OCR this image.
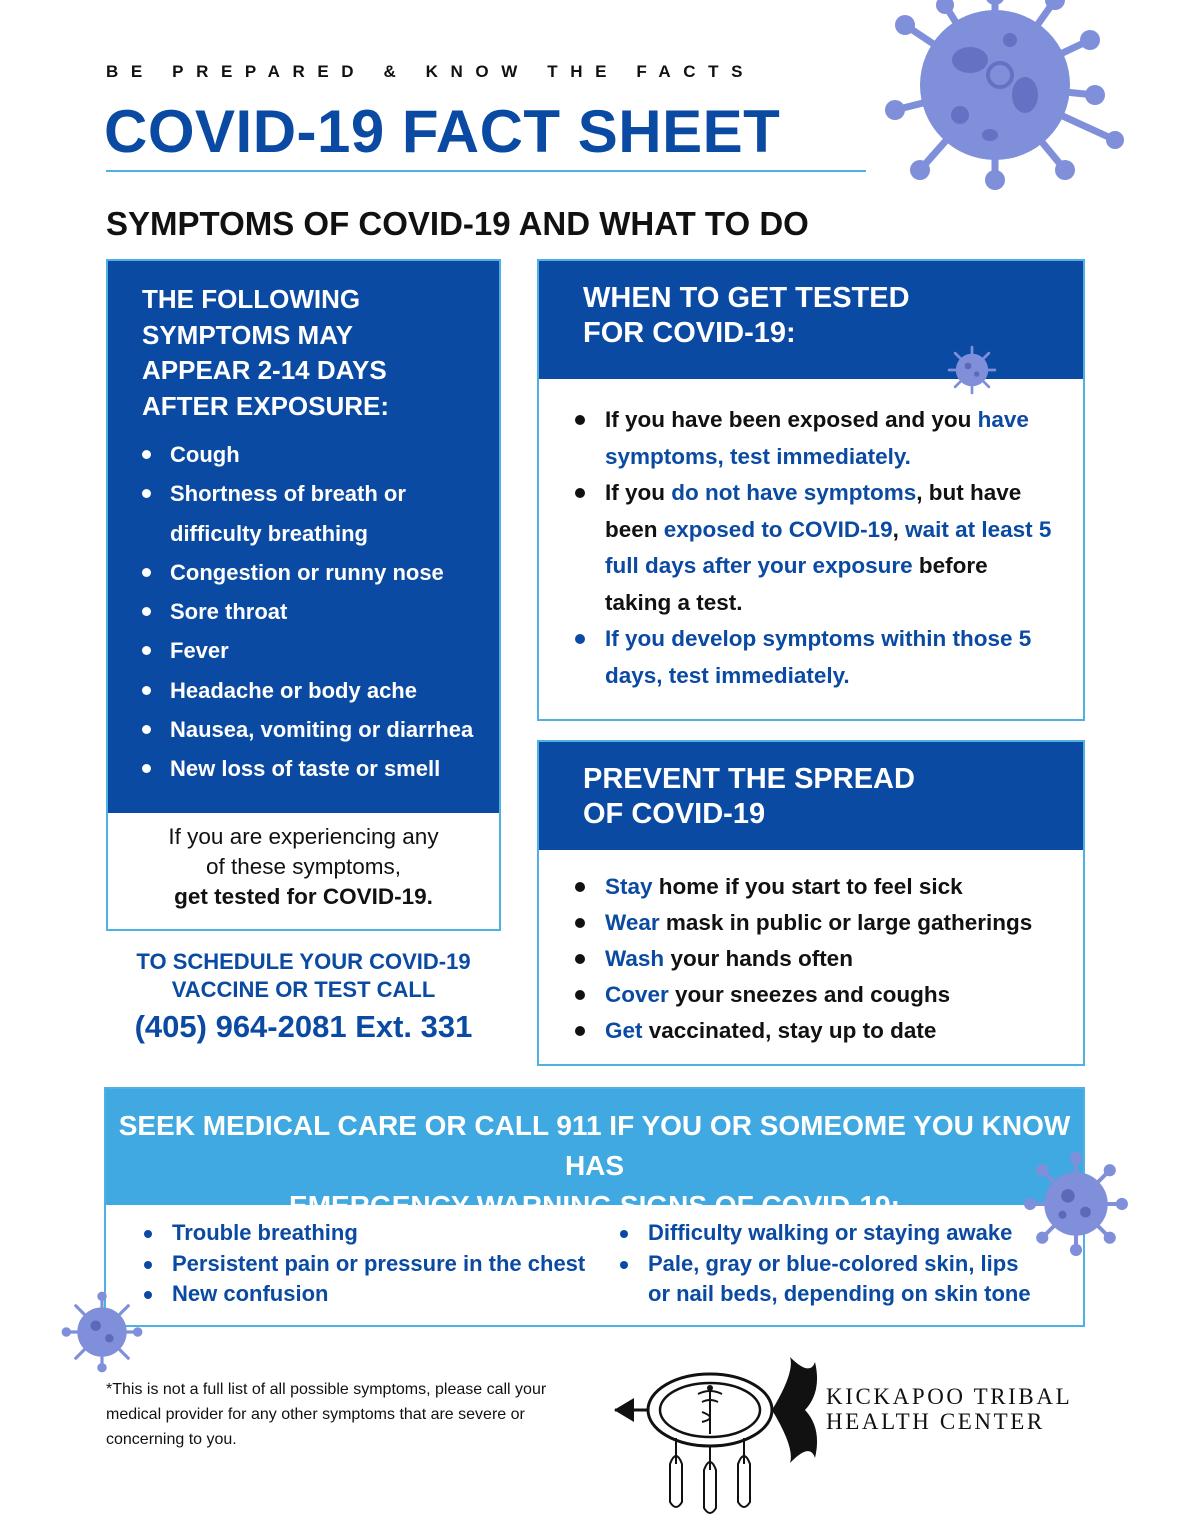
THE FOLLOWING SYMPTOMS MAY APPEAR 2-14 DAYS AFTER EXPOSURE:
Cough
Shortness of breath or
difficulty breathing
Congestion or runny nose
Sore throat
Fever
Headache or body ache
Nausea, vomiting or diarrhea
New loss of taste or smell
If you are experiencing any
of these symptoms,
get tested for COVID-19.
TO SCHEDULE YOUR COVID-19
VACCINE OR TEST CALL
(405) 964-2081 Ext. 331
BE PREPARED & KNOW THE FACTS
COVID-19 FACT SHEET
SYMPTOMS OF COVID-19 AND WHAT TO DO
WHEN TO GET TESTED
FOR COVID-19:
If you have been exposed and you have symptoms, test immediately.
If you do not have symptoms, but have been exposed to COVID-19, wait at least 5 full days after your exposure before taking a test.
If you develop symptoms within those 5 days, test immediately.
PREVENT THE SPREAD
OF COVID-19
Stay home if you start to feel sick
Wear mask in public or large gatherings
Wash your hands often
Cover your sneezes and coughs
Get vaccinated, stay up to date
SEEK MEDICAL CARE OR CALL 911 IF YOU OR SOMEOME YOU KNOW HAS
EMERGENCY WARNING SIGNS OF COVID-19:
Trouble breathing
Persistent pain or pressure in the chest
New confusion
Difficulty walking or staying awake
Pale, gray or blue-colored skin, lips or nail beds, depending on skin tone
*This is not a full list of all possible symptoms, please call your medical provider for any other symptoms that are severe or concerning to you.
KICKAPOO TRIBAL
HEALTH CENTER
